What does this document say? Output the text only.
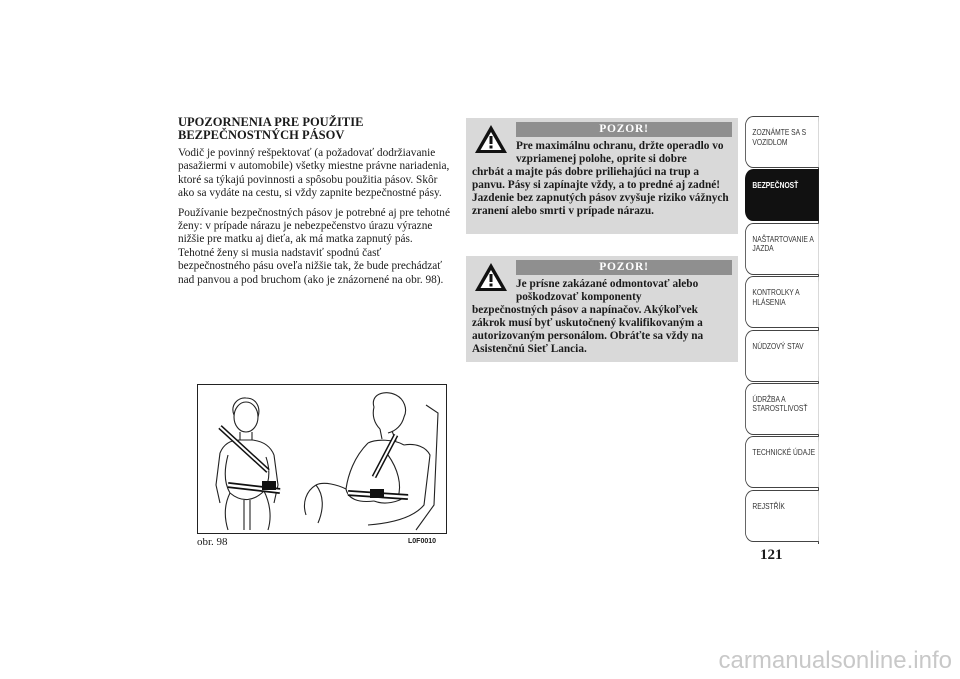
UPOZORNENIA PRE POUŽITIE BEZPEČNOSTNÝCH PÁSOV

Vodič je povinný rešpektovať (a požadovať dodržiavanie pasažiermi v automobile) všetky miestne právne nariadenia, ktoré sa týkajú povinnosti a spôsobu použitia pásov. Skôr ako sa vydáte na cestu, si vždy zapnite bezpečnostné pásy.

Používanie bezpečnostných pásov je potrebné aj pre tehotné ženy: v prípade nárazu je nebezpečenstvo úrazu výrazne nižšie pre matku aj dieťa, ak má matka zapnutý pás. Tehotné ženy si musia nadstaviť spodnú časť bezpečnostného pásu oveľa nižšie tak, že bude prechádzať nad panvou a pod bruchom (ako je znázornené na obr. 98).

POZOR!
Pre maximálnu ochranu, držte operadlo vo vzpriamenej polohe, oprite si dobre
chrbát a majte pás dobre priliehajúci na trup a panvu. Pásy si zapínajte vždy, a to predné aj zadné! Jazdenie bez zapnutých pásov zvyšuje riziko vážnych zranení alebo smrti v prípade nárazu.
POZOR!
Je prísne zakázané odmontovať alebo poškodzovať komponenty
bezpečnostných pásov a napínačov. Akýkoľvek zákrok musí byť uskutočnený kvalifikovaným a autorizovaným personálom. Obráťte sa vždy na Asistenčnú Sieť Lancia.
obr. 98	L0F0010
ZOZNÁMTE SA S VOZIDLOM
BEZPEČNOSŤ
NAŠTARTOVANIE A JAZDA
KONTROLKY A HLÁSENIA
NÚDZOVÝ STAV
ÚDRŽBA A STAROSTLIVOSŤ
TECHNICKÉ ÚDAJE
REJSTŘÍK
121
carmanualsonline.info
